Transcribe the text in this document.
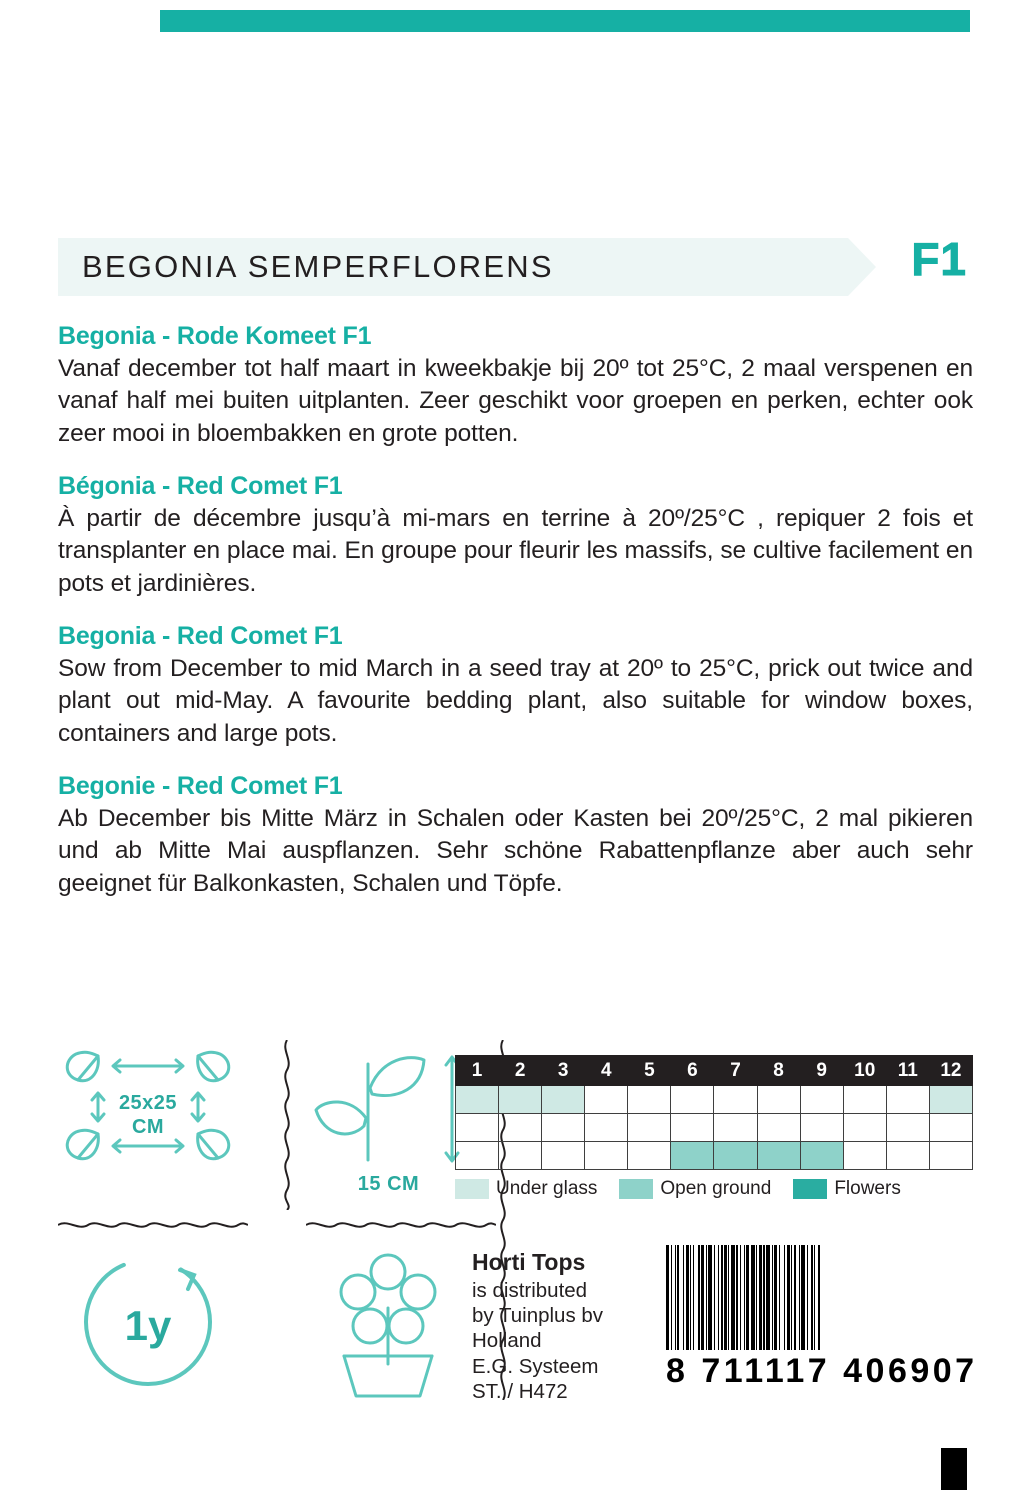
BEGONIA SEMPERFLORENS	F1
Begonia - Rode Komeet F1

Vanaf december tot half maart in kweekbakje bij 20º tot 25°C, 2 maal verspenen en vanaf half mei buiten uitplanten. Zeer geschikt voor groepen en perken, echter ook zeer mooi in bloembakken en grote potten.

Bégonia - Red Comet F1

À partir de décembre jusqu’à mi-mars en terrine à 20º/25°C , repiquer 2 fois et transplanter en place mai. En groupe pour fleurir les massifs, se cultive facilement en pots et jardinières.

Begonia - Red Comet F1

Sow from December to mid March in a seed tray at 20º to 25°C, prick out twice and plant out mid-May. A favourite bedding plant, also suitable for window boxes, containers and large pots.

Begonie - Red Comet F1

Ab December bis Mitte März in Schalen oder Kasten bei 20º/25°C, 2 mal pikieren und ab Mitte Mai auspflanzen. Sehr schöne Rabattenpflanze aber auch sehr geeignet für Balkonkasten, Schalen und Töpfe.

25x25
CM
15 CM
1y
1	2	3	4	5	6	7	8	9	10	11	12

Under glass	Open ground	Flowers
Horti Tops
is distributed
by Tuinplus bv
Holland
E.G. Systeem
ST. / H472
8 711117 406907
